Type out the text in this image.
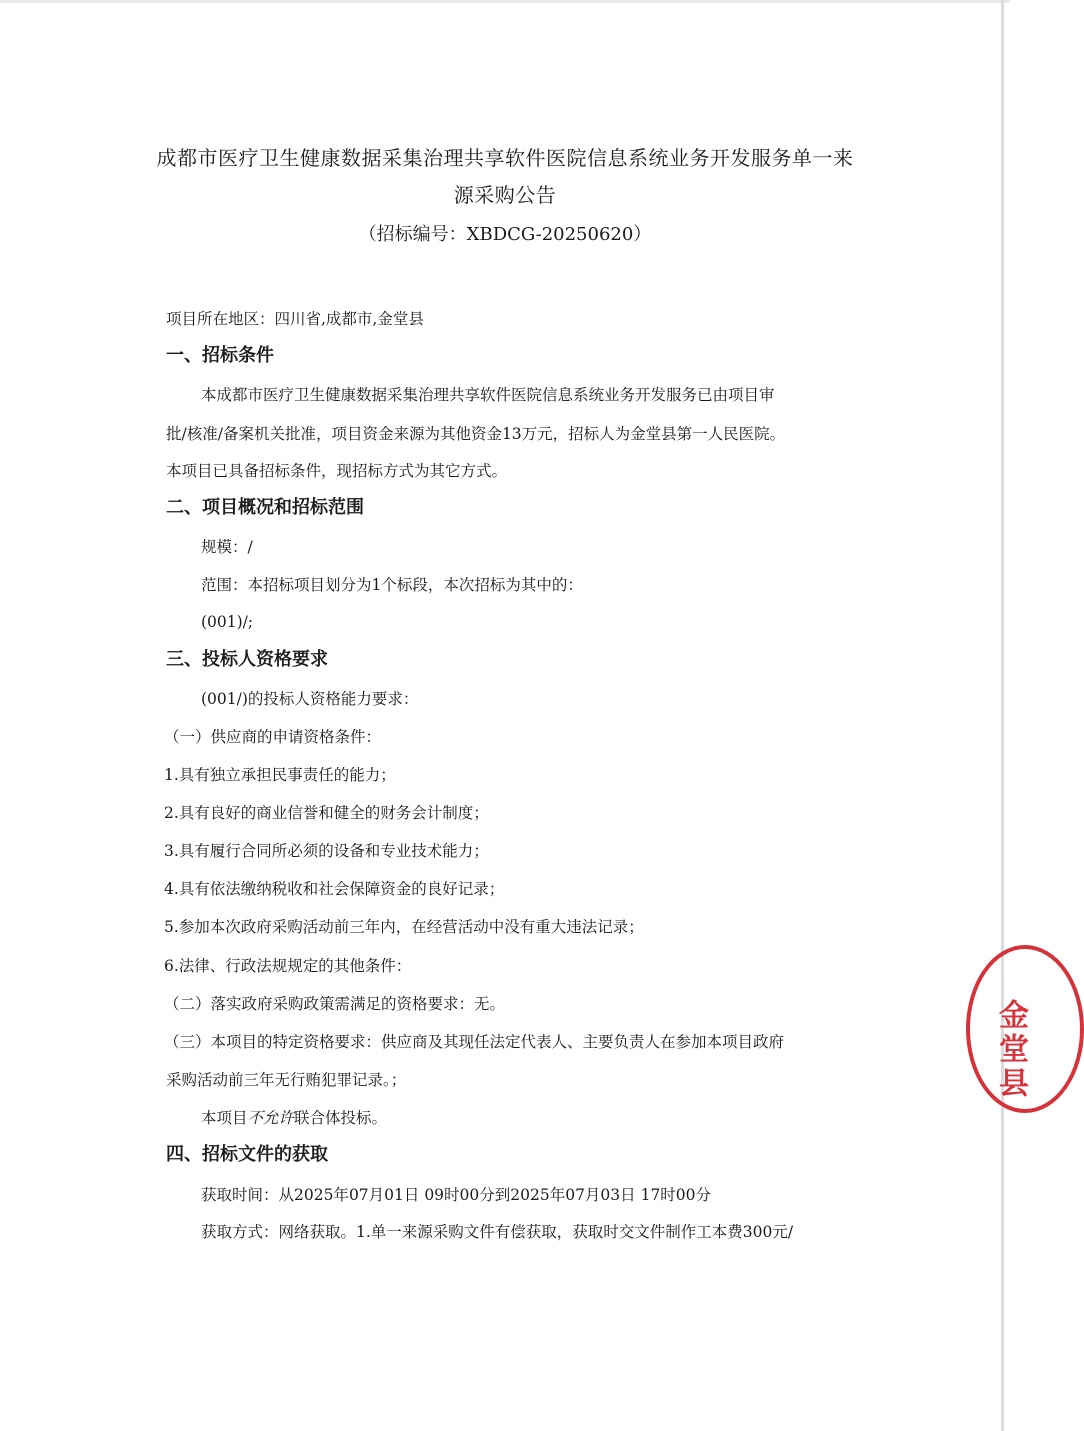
成都市医疗卫生健康数据采集治理共享软件医院信息系统业务开发服务单一来源采购公告
（招标编号：XBDCG-20250620）
项目所在地区：四川省,成都市,金堂县
一、招标条件
本成都市医疗卫生健康数据采集治理共享软件医院信息系统业务开发服务已由项目审
批/核准/备案机关批准，项目资金来源为其他资金13万元，招标人为金堂县第一人民医院。
本项目已具备招标条件，现招标方式为其它方式。
二、项目概况和招标范围
规模：/
范围：本招标项目划分为1个标段，本次招标为其中的：
(001)/;
三、投标人资格要求
(001/)的投标人资格能力要求：
（一）供应商的申请资格条件：
1.具有独立承担民事责任的能力；
2.具有良好的商业信誉和健全的财务会计制度；
3.具有履行合同所必须的设备和专业技术能力；
4.具有依法缴纳税收和社会保障资金的良好记录；
5.参加本次政府采购活动前三年内，在经营活动中没有重大违法记录；
6.法律、行政法规规定的其他条件：
（二）落实政府采购政策需满足的资格要求：无。
（三）本项目的特定资格要求：供应商及其现任法定代表人、主要负责人在参加本项目政府
采购活动前三年无行贿犯罪记录。；
本项目不允许联合体投标。
四、招标文件的获取
获取时间：从2025年07月01日 09时00分到2025年07月03日 17时00分
获取方式：网络获取。1.单一来源采购文件有偿获取，获取时交文件制作工本费300元/
金堂县
